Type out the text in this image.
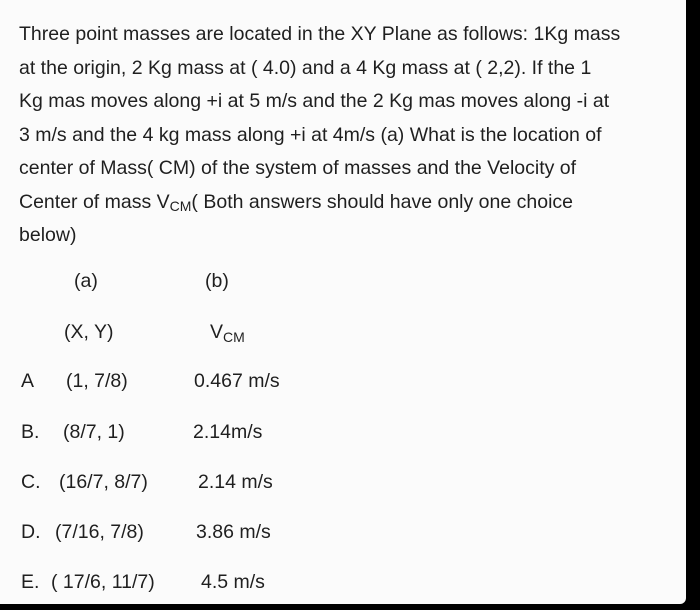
Three point masses are located in the XY Plane as follows: 1Kg mass
at the origin, 2 Kg mass at ( 4.0) and a 4 Kg mass at ( 2,2). If the 1
Kg mas moves along +i at 5 m/s and the 2 Kg mas moves along -i at
3 m/s and the 4 kg mass along +i at 4m/s (a) What is the location of
center of Mass( CM) of the system of masses and the Velocity of
Center of mass $V_{CM}$( Both answers should have only one choice
below)

(a)	(b)
(X, Y)	$V_{CM}$
A (1, 7/8)	0.467 m/s
B. (8/7, 1)	2.14m/s
C. (16/7, 8/7)	2.14 m/s
D. (7/16, 7/8)	3.86 m/s
E. ( 17/6, 11/7) 4.5 m/s
